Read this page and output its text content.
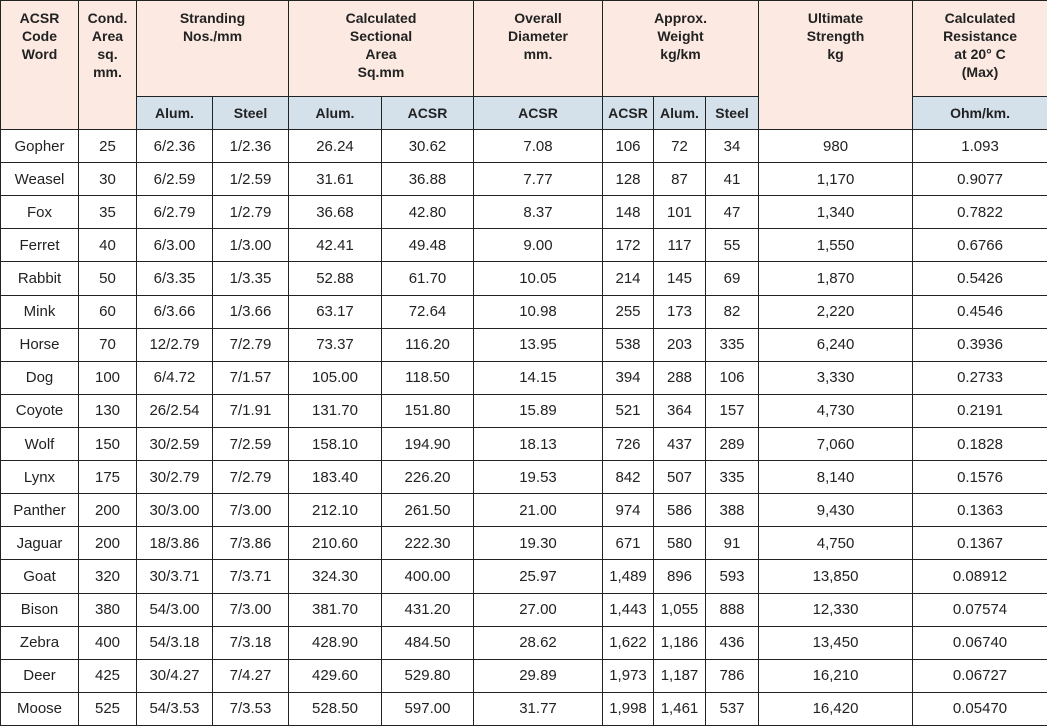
ACSR
Code
Word	Cond.
Area
sq.
mm.	Stranding
Nos./mm		Calculated
Sectional
Area
Sq.mm		Overall
Diameter
mm.	Approx.
Weight
kg/km			Ultimate
Strength
kg	Calculated
Resistance
at 20° C
(Max)

		Alum.	Steel	Alum.	ACSR	ACSR	ACSR	Alum.	Steel		Ohm/km.
Gopher	25	6/2.36	1/2.36	26.24	30.62	7.08	106	72	34	980	1.093
Weasel	30	6/2.59	1/2.59	31.61	36.88	7.77	128	87	41	1,170	0.9077
Fox	35	6/2.79	1/2.79	36.68	42.80	8.37	148	101	47	1,340	0.7822
Ferret	40	6/3.00	1/3.00	42.41	49.48	9.00	172	117	55	1,550	0.6766
Rabbit	50	6/3.35	1/3.35	52.88	61.70	10.05	214	145	69	1,870	0.5426
Mink	60	6/3.66	1/3.66	63.17	72.64	10.98	255	173	82	2,220	0.4546
Horse	70	12/2.79	7/2.79	73.37	116.20	13.95	538	203	335	6,240	0.3936
Dog	100	6/4.72	7/1.57	105.00	118.50	14.15	394	288	106	3,330	0.2733
Coyote	130	26/2.54	7/1.91	131.70	151.80	15.89	521	364	157	4,730	0.2191
Wolf	150	30/2.59	7/2.59	158.10	194.90	18.13	726	437	289	7,060	0.1828
Lynx	175	30/2.79	7/2.79	183.40	226.20	19.53	842	507	335	8,140	0.1576
Panther	200	30/3.00	7/3.00	212.10	261.50	21.00	974	586	388	9,430	0.1363
Jaguar	200	18/3.86	7/3.86	210.60	222.30	19.30	671	580	91	4,750	0.1367
Goat	320	30/3.71	7/3.71	324.30	400.00	25.97	1,489	896	593	13,850	0.08912
Bison	380	54/3.00	7/3.00	381.70	431.20	27.00	1,443	1,055	888	12,330	0.07574
Zebra	400	54/3.18	7/3.18	428.90	484.50	28.62	1,622	1,186	436	13,450	0.06740
Deer	425	30/4.27	7/4.27	429.60	529.80	29.89	1,973	1,187	786	16,210	0.06727
Moose	525	54/3.53	7/3.53	528.50	597.00	31.77	1,998	1,461	537	16,420	0.05470
